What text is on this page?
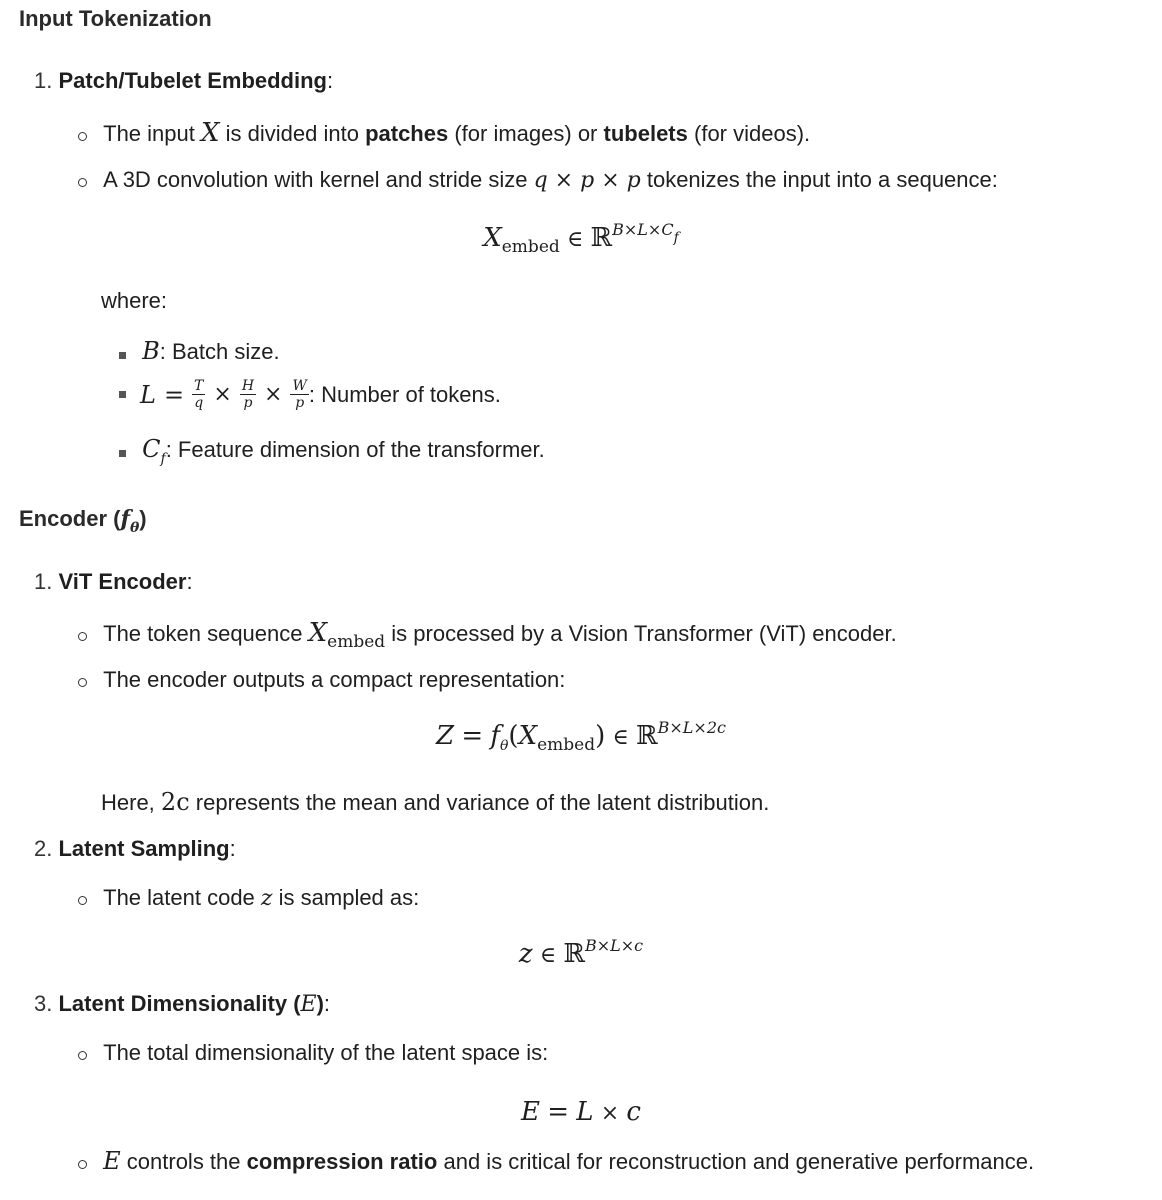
Input Tokenization
1. Patch/Tubelet Embedding:
The input X is divided into patches (for images) or tubelets (for videos).
A 3D convolution with kernel and stride size q × p × p tokenizes the input into a sequence:
$X_{embed}$ ∈ ℝ$^{B\times L\times C}$f
where:
B: Batch size.
$L = \frac{T}{q} \times \frac{H}{p} \times \frac{W}{p}$ : Number of tokens.
$C_f$: Feature dimension of the transformer.
Encoder $(f_\theta)$
1. ViT Encoder:
The token sequence $X_{embed}$ is processed by a Vision Transformer (ViT) encoder.
The encoder outputs a compact representation:
$Z = f_\theta(X_{embed})$ ∈ ℝ$^{B\times L\times 2c}$
Here, 2c represents the mean and variance of the latent distribution.
2. Latent Sampling:
The latent code z is sampled as:
z ∈ ℝ$^{B\times L\times c}$
3. Latent Dimensionality (E):
The total dimensionality of the latent space is:
E = L × c
E controls the compression ratio and is critical for reconstruction and generative performance.
